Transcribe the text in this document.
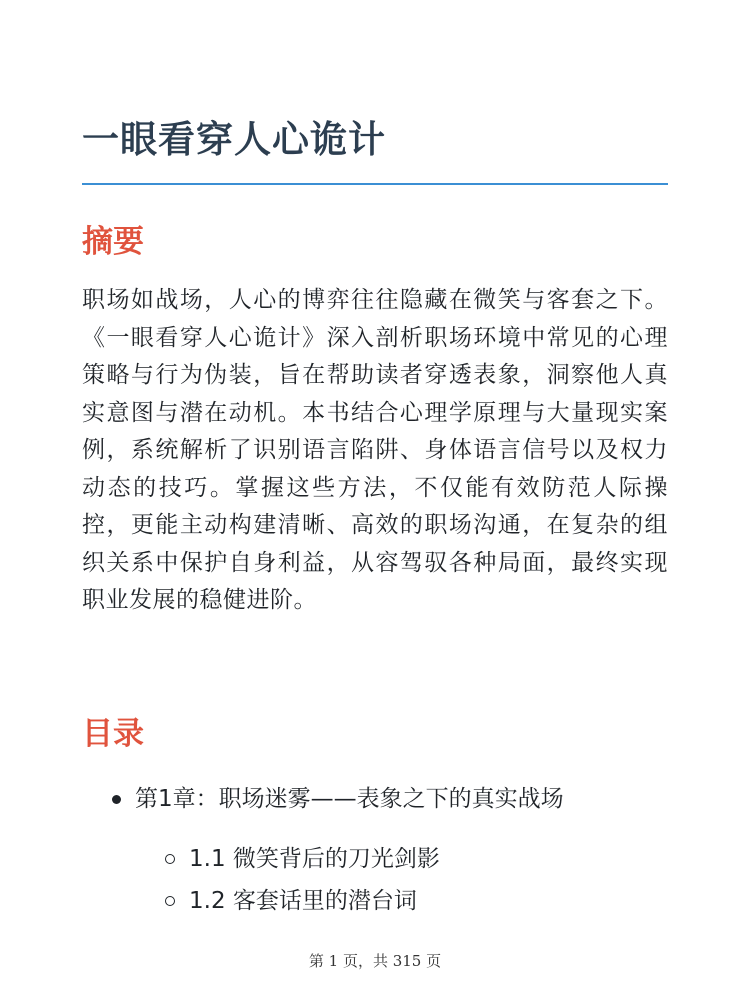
一眼看穿人心诡计
摘要

职场如战场，人心的博弈往往隐藏在微笑与客套之下。《一眼看穿人心诡计》深入剖析职场环境中常见的心理策略与行为伪装，旨在帮助读者穿透表象，洞察他人真实意图与潜在动机。本书结合心理学原理与大量现实案例，系统解析了识别语言陷阱、身体语言信号以及权力动态的技巧。掌握这些方法，不仅能有效防范人际操控，更能主动构建清晰、高效的职场沟通，在复杂的组织关系中保护自身利益，从容驾驭各种局面，最终实现职业发展的稳健进阶。

目录
第1章：职场迷雾——表象之下的真实战场
1.1 微笑背后的刀光剑影
1.2 客套话里的潜台词
第 1 页，共 315 页
